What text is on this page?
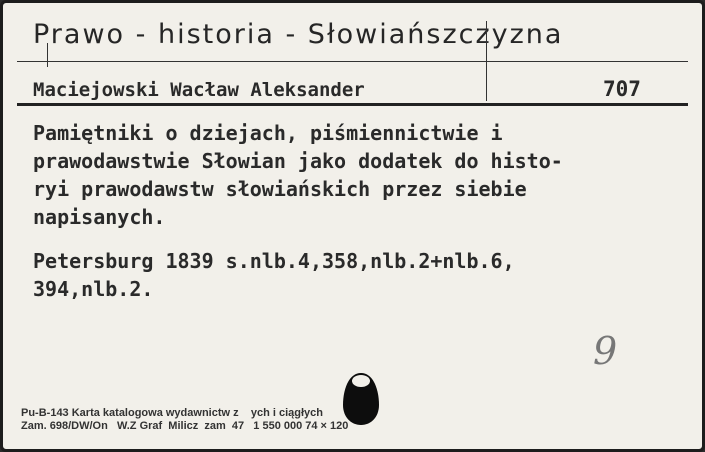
Prawo - historia - Słowiańszczyzna
Maciejowski Wacław Aleksander	707
Pamiętniki o dziejach, piśmiennictwie i
prawodawstwie Słowian jako dodatek do histo-
ryi prawodawstw słowiańskich przez siebie
napisanych.
Petersburg 1839 s.nlb.4,358,nlb.2+nlb.6,
394,nlb.2.
9
Pu-B-143 Karta katalogowa wydawnictw z    ych i ciągłych
Zam. 698/DW/On   W.Z Graf  Milicz  zam  47   1 550 000 74 × 120
